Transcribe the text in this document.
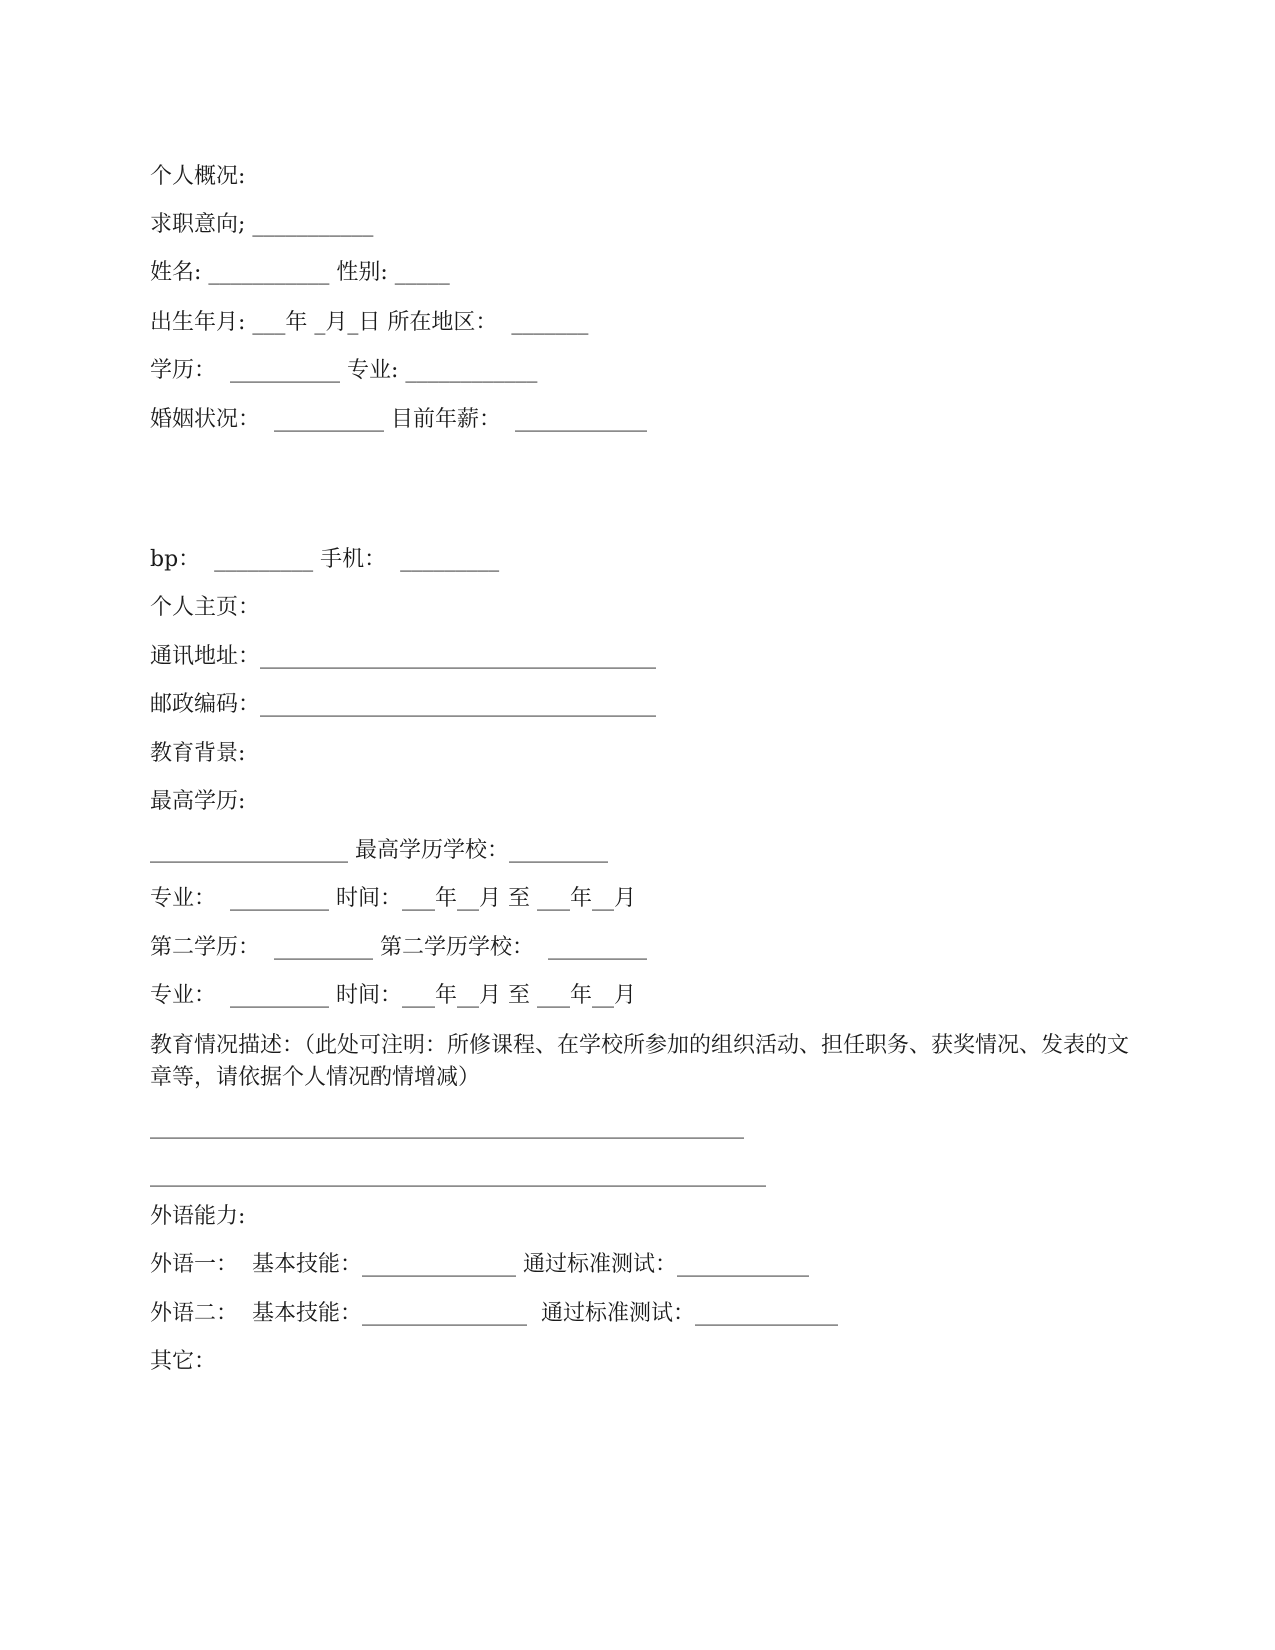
个人概况:

求职意向; ___________

姓名: ___________ 性别: _____

出生年月: ___年 _月_日 所在地区：  _______

学历：  __________ 专业: ____________

婚姻状况：  __________ 目前年薪：  ____________

bp：  _________ 手机：  _________

个人主页：

通讯地址：____________________________________

邮政编码：____________________________________

教育背景:

最高学历:

__________________ 最高学历学校：_________

专业：  _________ 时间：___年__月 至 ___年__月

第二学历：  _________ 第二学历学校：  _________

专业：  _________ 时间：___年__月 至 ___年__月

教育情况描述：（此处可注明：所修课程、在学校所参加的组织活动、担任职务、获奖情况、发表的文章等，请依据个人情况酌情增减）

______________________________________________________

________________________________________________________

外语能力:

外语一：  基本技能：______________ 通过标准测试：____________

外语二：  基本技能：_______________  通过标准测试：_____________

其它：
